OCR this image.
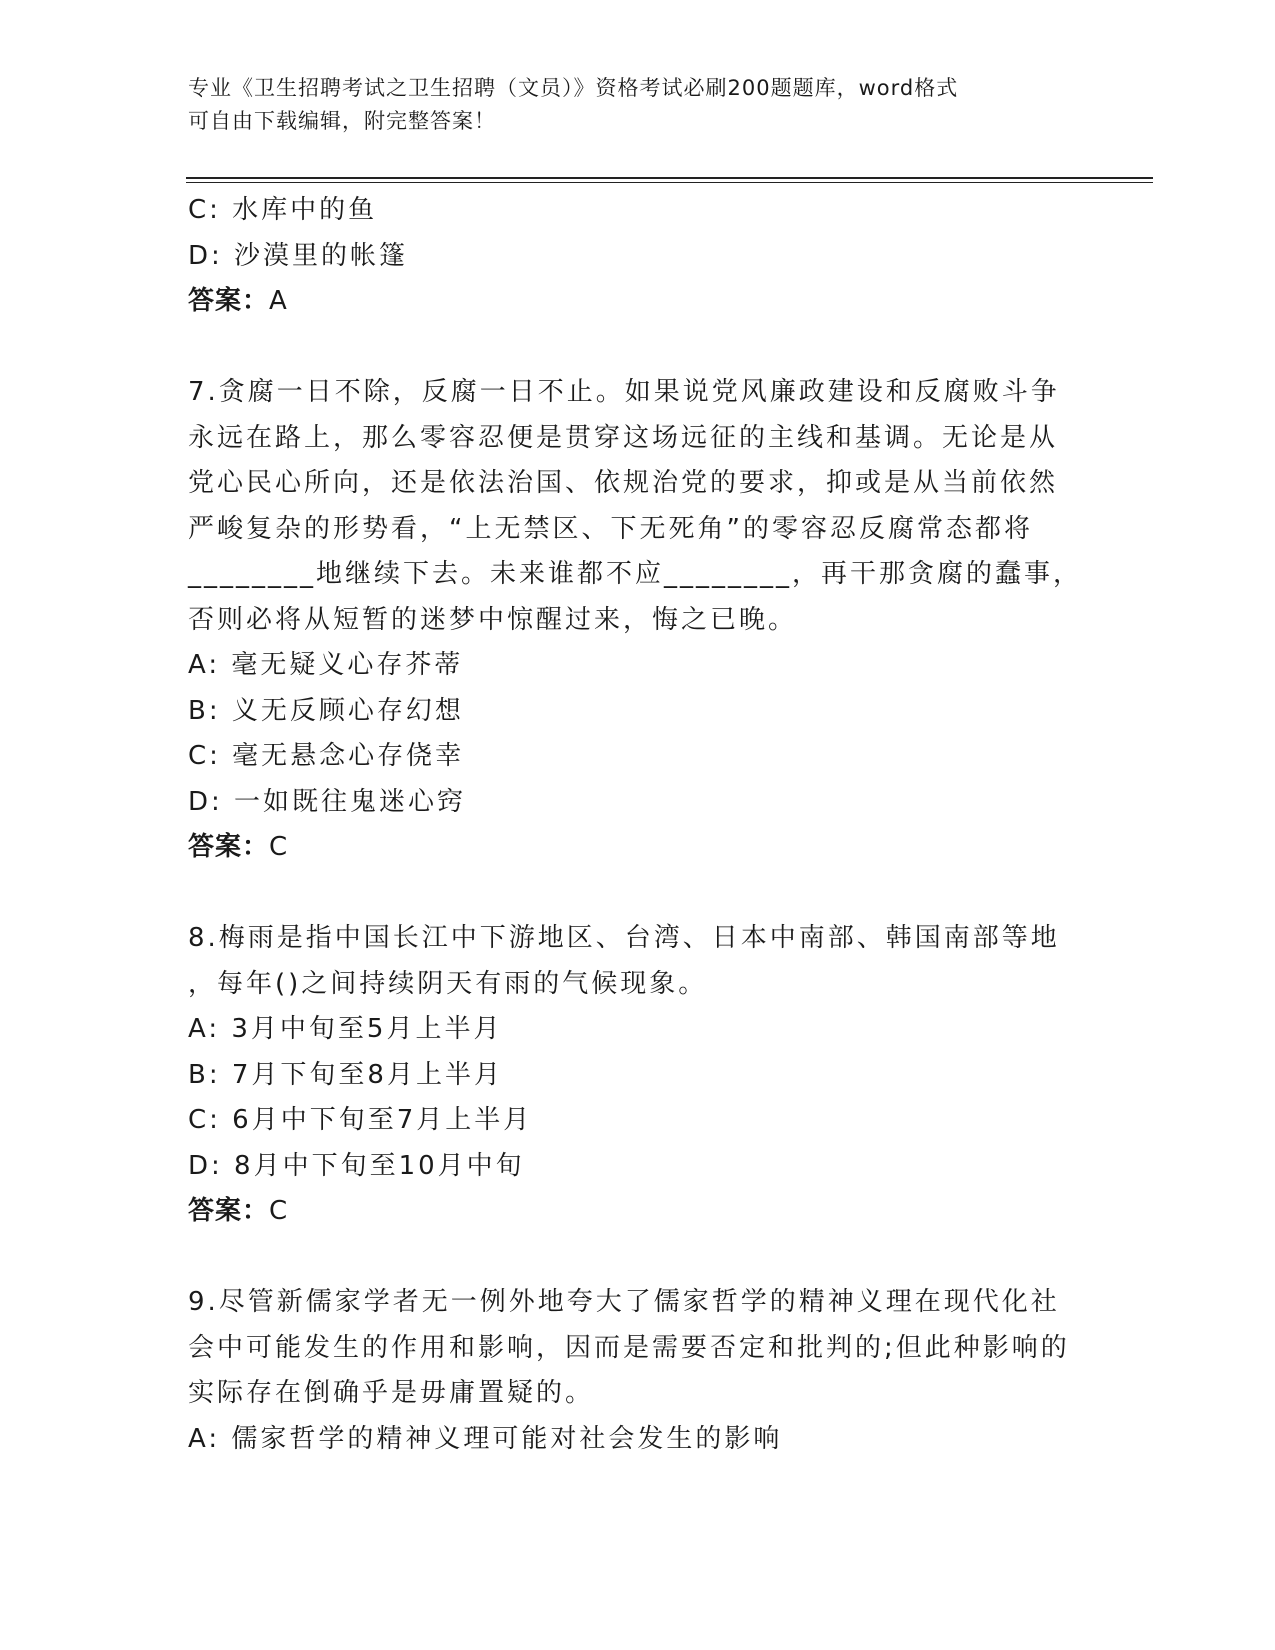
专业《卫生招聘考试之卫生招聘（文员）》资格考试必刷200题题库，word格式
可自由下载编辑，附完整答案！
C: 水库中的鱼
D: 沙漠里的帐篷
答案：A
7.贪腐一日不除，反腐一日不止。如果说党风廉政建设和反腐败斗争
永远在路上，那么零容忍便是贯穿这场远征的主线和基调。无论是从
党心民心所向，还是依法治国、依规治党的要求，抑或是从当前依然
严峻复杂的形势看，“上无禁区、下无死角”的零容忍反腐常态都将
________地继续下去。未来谁都不应________，再干那贪腐的蠢事，
否则必将从短暂的迷梦中惊醒过来，悔之已晚。
A: 毫无疑义心存芥蒂
B: 义无反顾心存幻想
C: 毫无悬念心存侥幸
D: 一如既往鬼迷心窍
答案：C
8.梅雨是指中国长江中下游地区、台湾、日本中南部、韩国南部等地
，每年()之间持续阴天有雨的气候现象。
A: 3月中旬至5月上半月
B: 7月下旬至8月上半月
C: 6月中下旬至7月上半月
D: 8月中下旬至10月中旬
答案：C
9.尽管新儒家学者无一例外地夸大了儒家哲学的精神义理在现代化社
会中可能发生的作用和影响，因而是需要否定和批判的;但此种影响的
实际存在倒确乎是毋庸置疑的。
A: 儒家哲学的精神义理可能对社会发生的影响
